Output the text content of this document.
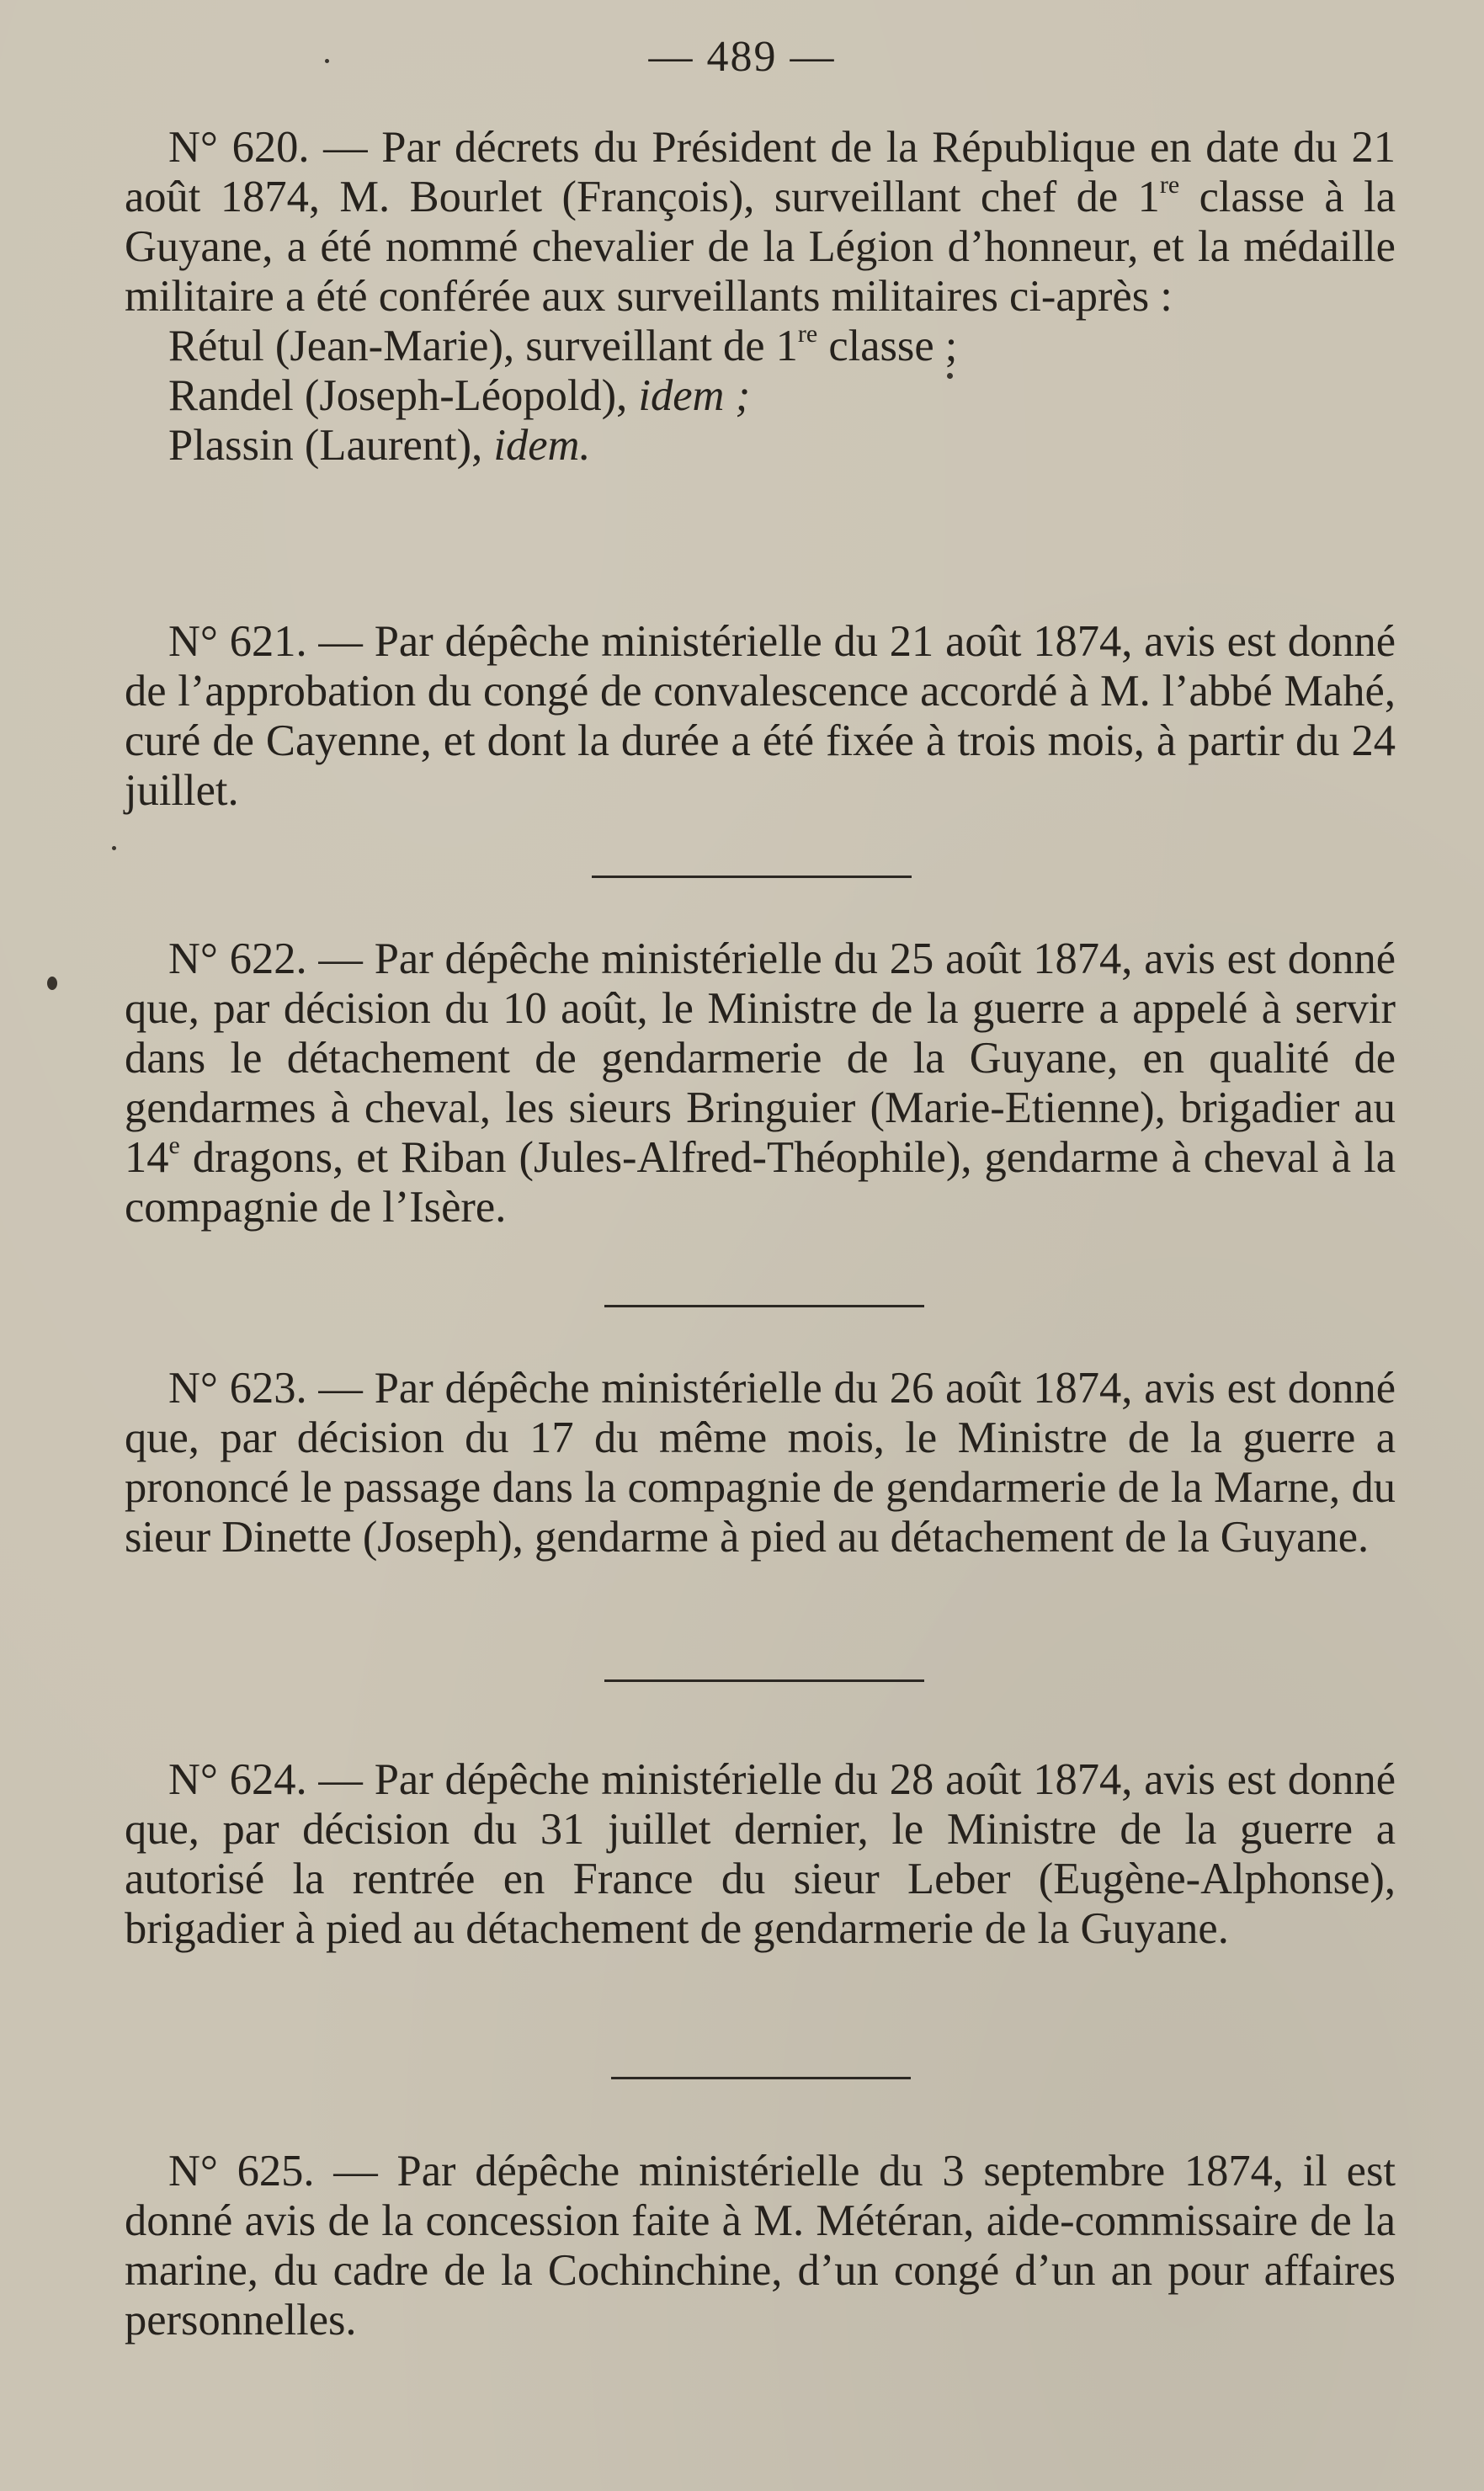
— 489 —

N° 620. — Par décrets du Président de la République en date du 21 août 1874, M. Bourlet (François), surveillant chef de 1re classe à la Guyane, a été nommé chevalier de la Légion d’honneur, et la médaille militaire a été conférée aux surveillants militaires ci-après :

Rétul (Jean-Marie), surveillant de 1re classe ;

Randel (Joseph-Léopold), idem ;

Plassin (Laurent), idem.

N° 621. — Par dépêche ministérielle du 21 août 1874, avis est donné de l’approbation du congé de convalescence accordé à M. l’abbé Mahé, curé de Cayenne, et dont la durée a été fixée à trois mois, à partir du 24 juillet.

N° 622. — Par dépêche ministérielle du 25 août 1874, avis est donné que, par décision du 10 août, le Ministre de la guerre a appelé à servir dans le détachement de gendarmerie de la Guyane, en qualité de gendarmes à cheval, les sieurs Bringuier (Marie-Etienne), brigadier au 14e dragons, et Riban (Jules-Alfred-Théophile), gendarme à cheval à la compagnie de l’Isère.

N° 623. — Par dépêche ministérielle du 26 août 1874, avis est donné que, par décision du 17 du même mois, le Ministre de la guerre a prononcé le passage dans la compagnie de gendarmerie de la Marne, du sieur Dinette (Joseph), gendarme à pied au détachement de la Guyane.

N° 624. — Par dépêche ministérielle du 28 août 1874, avis est donné que, par décision du 31 juillet dernier, le Ministre de la guerre a autorisé la rentrée en France du sieur Leber (Eugène-Alphonse), brigadier à pied au détachement de gendarmerie de la Guyane.

N° 625. — Par dépêche ministérielle du 3 septembre 1874, il est donné avis de la concession faite à M. Météran, aide-commissaire de la marine, du cadre de la Cochinchine, d’un congé d’un an pour affaires personnelles.
